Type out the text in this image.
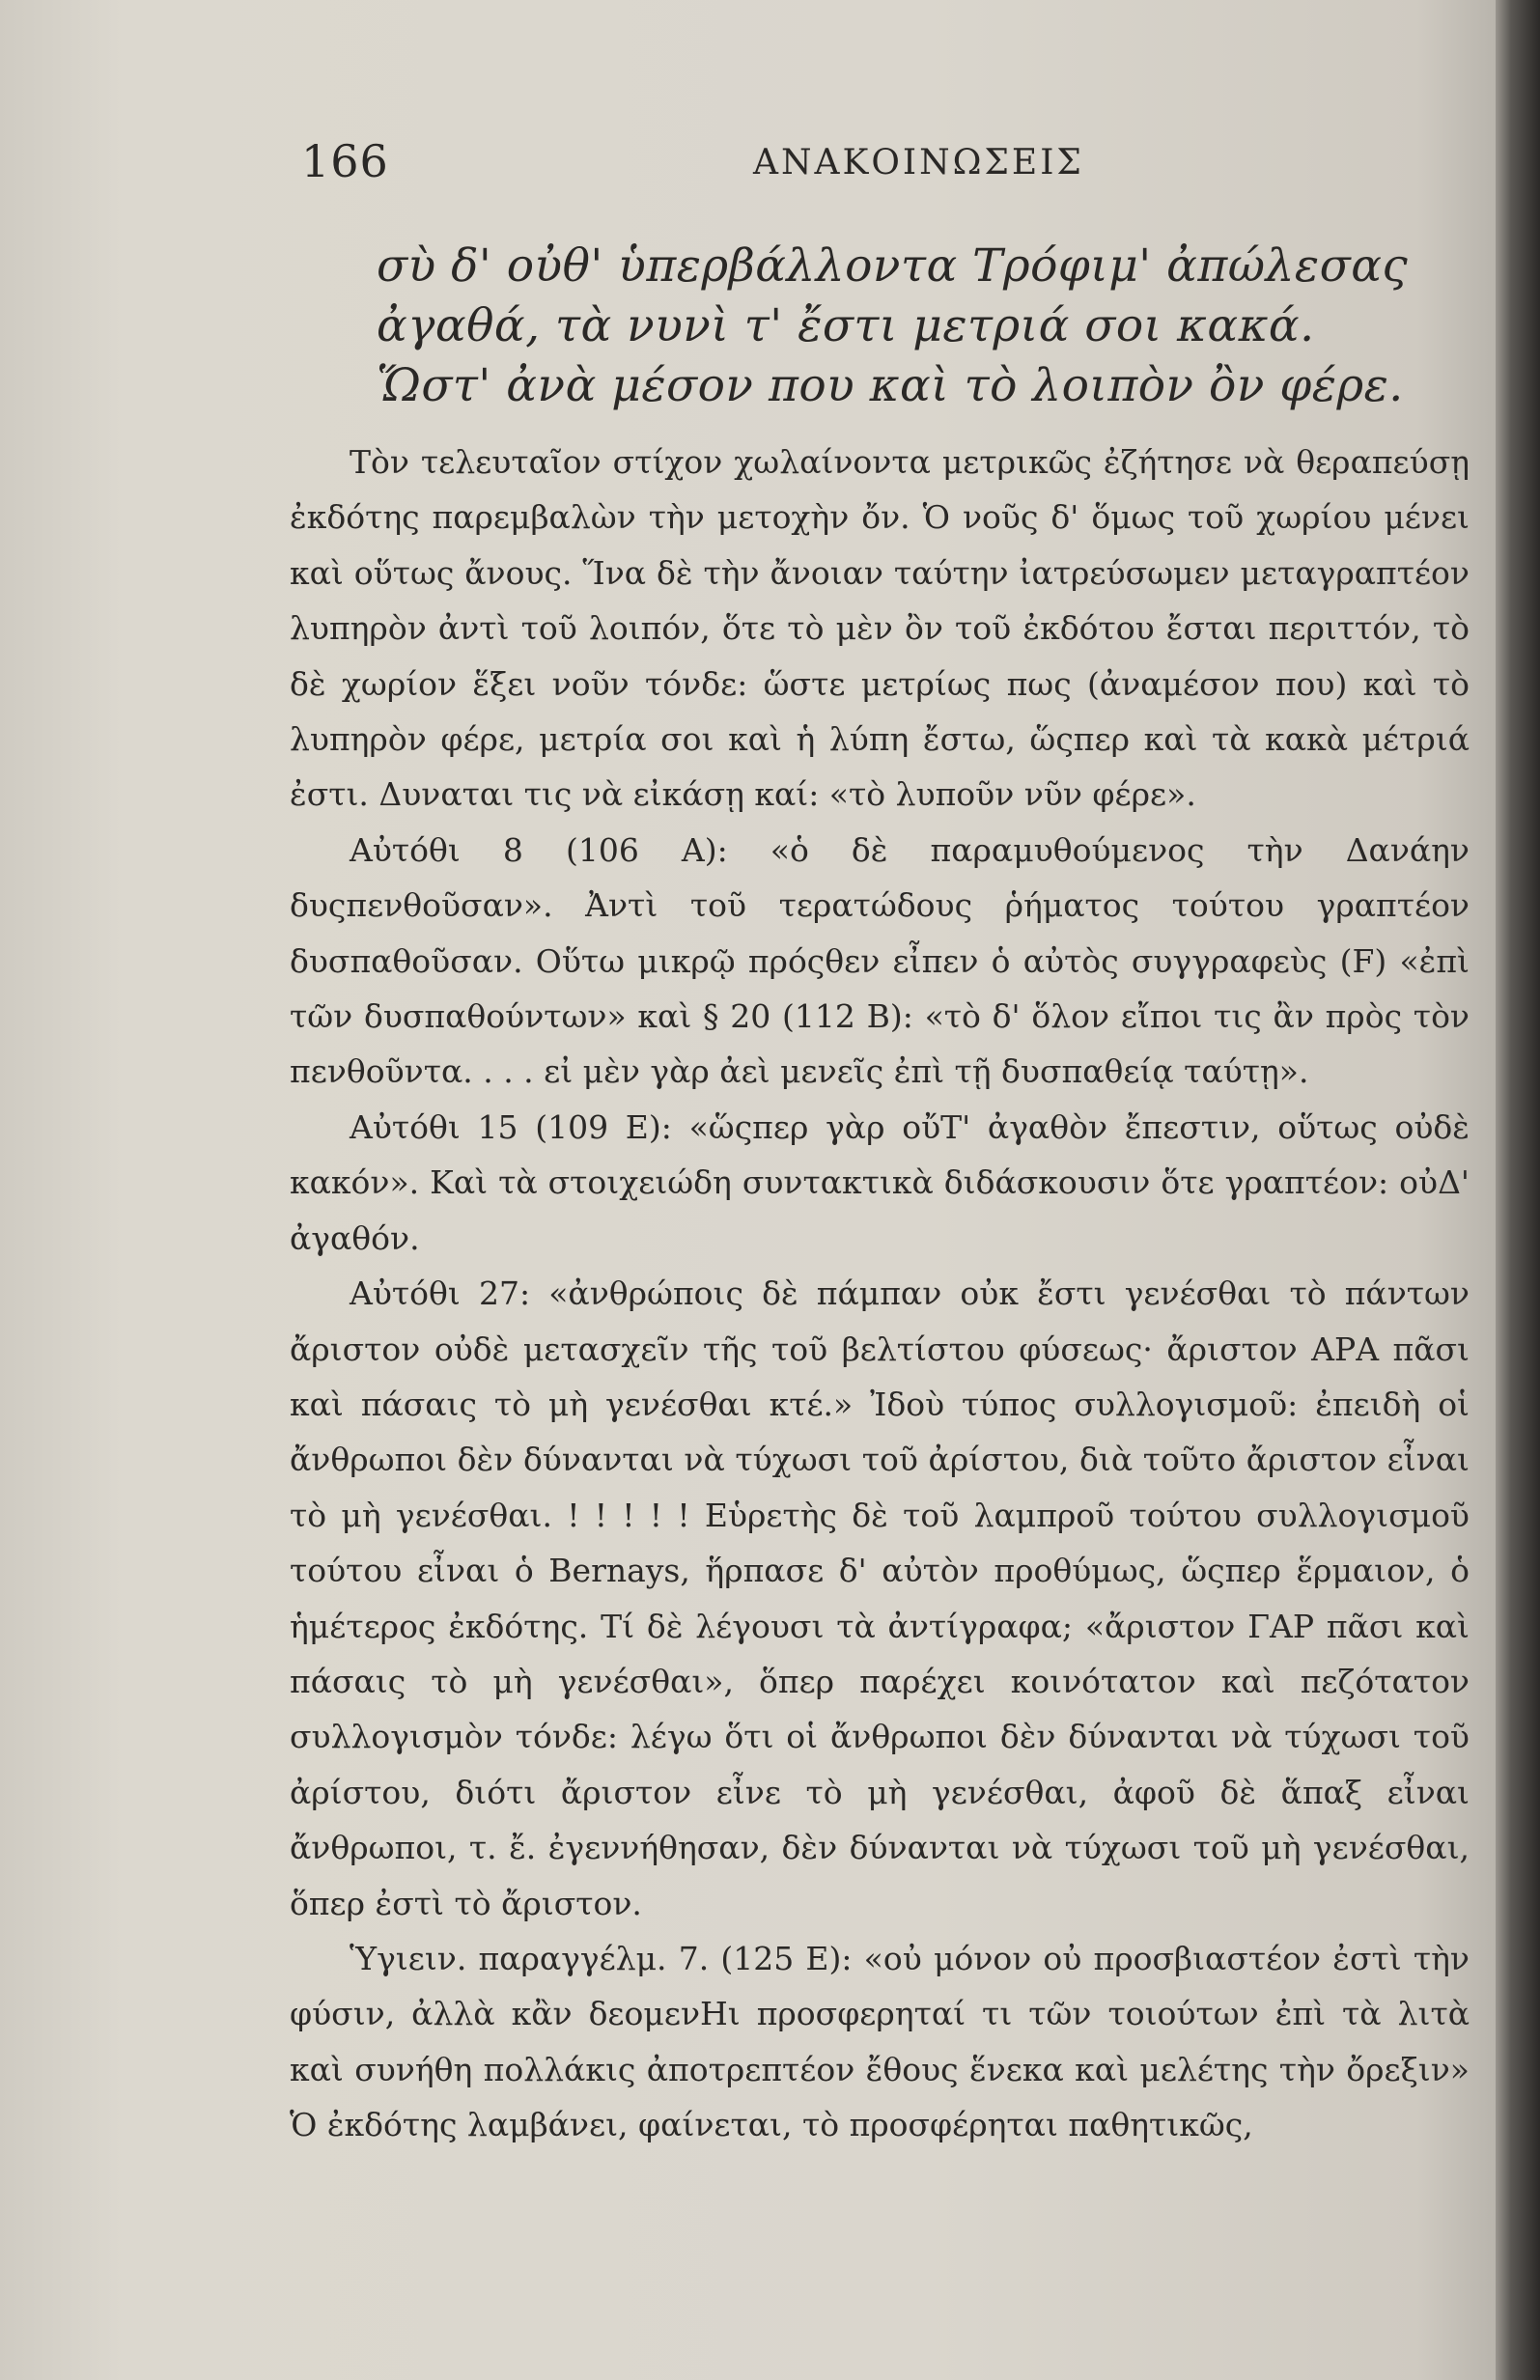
166	ΑΝΑΚΟΙΝΩΣΕΙΣ
σὺ δ' οὐθ' ὑπερβάλλοντα Τρόφιμ' ἀπώλεσας
ἀγαθά, τὰ νυνὶ τ' ἔστι μετριά σοι κακά.
Ὥστ' ἀνὰ μέσον που καὶ τὸ λοιπὸν ὂν φέρε.

Τὸν τελευταῖον στίχον χωλαίνοντα μετρικῶς ἐζήτησε νὰ θεραπεύσῃ ἐκδότης παρεμβαλὼν τὴν μετοχὴν ὄν. Ὁ νοῦς δ' ὅμως τοῦ χωρίου μένει καὶ οὕτως ἄνους. Ἵνα δὲ τὴν ἄνοιαν ταύτην ἰατρεύσωμεν μεταγραπτέον λυπηρὸν ἀντὶ τοῦ λοιπόν, ὅτε τὸ μὲν ὂν τοῦ ἐκδότου ἔσται περιττόν, τὸ δὲ χωρίον ἕξει νοῦν τόνδε: ὥστε μετρίως πως (ἀναμέσον που) καὶ τὸ λυπηρὸν φέρε, μετρία σοι καὶ ἡ λύπη ἔστω, ὥςπερ καὶ τὰ κακὰ μέτριά ἐστι. Δυναται τις νὰ εἰκάσῃ καί: «τὸ λυποῦν νῦν φέρε».

Αὐτόθι 8 (106 A): «ὁ δὲ παραμυθούμενος τὴν Δανάην δυςπενθοῦσαν». Ἀντὶ τοῦ τερατώδους ῥήματος τούτου γραπτέον δυσπαθοῦσαν. Οὕτω μικρῷ πρόςθεν εἶπεν ὁ αὐτὸς συγγραφεὺς (F) «ἐπὶ τῶν δυσπαθούντων» καὶ § 20 (112 B): «τὸ δ' ὅλον εἴποι τις ἂν πρὸς τὸν πενθοῦντα. . . . εἰ μὲν γὰρ ἀεὶ μενεῖς ἐπὶ τῇ δυσπαθείᾳ ταύτῃ».

Αὐτόθι 15 (109 E): «ὥςπερ γὰρ οὔΤ' ἀγαθὸν ἔπεστιν, οὕτως οὐδὲ κακόν». Καὶ τὰ στοιχειώδη συντακτικὰ διδάσκουσιν ὅτε γραπτέον: οὐΔ' ἀγαθόν.

Αὐτόθι 27: «ἀνθρώποις δὲ πάμπαν οὐκ ἔστι γενέσθαι τὸ πάντων ἄριστον οὐδὲ μετασχεῖν τῆς τοῦ βελτίστου φύσεως· ἄριστον ΑΡΑ πᾶσι καὶ πάσαις τὸ μὴ γενέσθαι κτέ.» Ἰδοὺ τύπος συλλογισμοῦ: ἐπειδὴ οἱ ἄνθρωποι δὲν δύνανται νὰ τύχωσι τοῦ ἀρίστου, διὰ τοῦτο ἄριστον εἶναι τὸ μὴ γενέσθαι. ! ! ! ! ! Εὑρετὴς δὲ τοῦ λαμπροῦ τούτου συλλογισμοῦ τούτου εἶναι ὁ Bernays, ἥρπασε δ' αὐτὸν προθύμως, ὥςπερ ἕρμαιον, ὁ ἡμέτερος ἐκδότης. Τί δὲ λέγουσι τὰ ἀντίγραφα; «ἄριστον ΓΑΡ πᾶσι καὶ πάσαις τὸ μὴ γενέσθαι», ὅπερ παρέχει κοινότατον καὶ πεζότατον συλλογισμὸν τόνδε: λέγω ὅτι οἱ ἄνθρωποι δὲν δύνανται νὰ τύχωσι τοῦ ἀρίστου, διότι ἄριστον εἶνε τὸ μὴ γενέσθαι, ἀφοῦ δὲ ἅπαξ εἶναι ἄνθρωποι, τ. ἔ. ἐγεννήθησαν, δὲν δύνανται νὰ τύχωσι τοῦ μὴ γενέσθαι, ὅπερ ἐστὶ τὸ ἄριστον.

Ὑγιειν. παραγγέλμ. 7. (125 E): «οὐ μόνον οὐ προσβιαστέον ἐστὶ τὴν φύσιν, ἀλλὰ κἂν δεομενΗι προσφερηταί τι τῶν τοιούτων ἐπὶ τὰ λιτὰ καὶ συνήθη πολλάκις ἀποτρεπτέον ἔθους ἕνεκα καὶ μελέτης τὴν ὄρεξιν» Ὁ ἐκδότης λαμβάνει, φαίνεται, τὸ προσφέρηται παθητικῶς,
